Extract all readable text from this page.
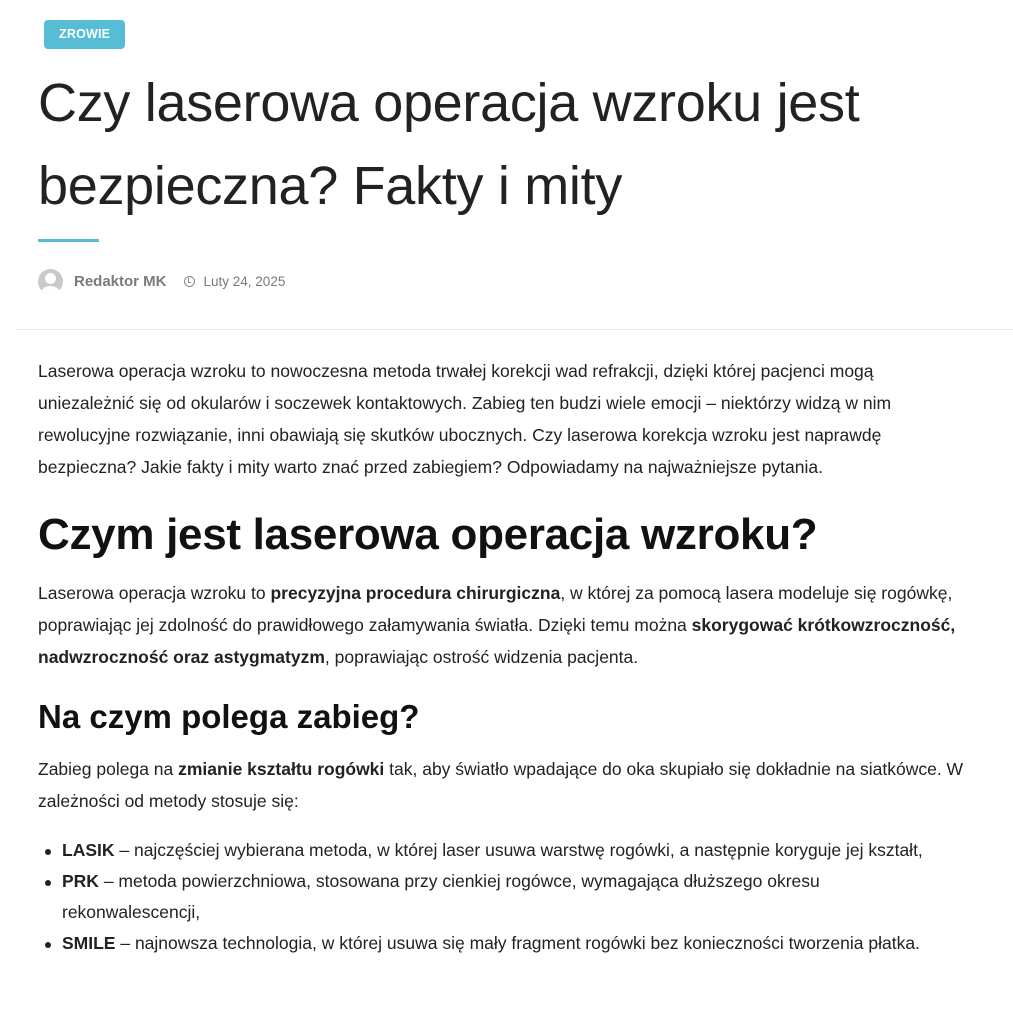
ZROWIE
Czy laserowa operacja wzroku jest bezpieczna? Fakty i mity
Redaktor MK	Luty 24, 2025

Laserowa operacja wzroku to nowoczesna metoda trwałej korekcji wad refrakcji, dzięki której pacjenci mogą uniezależnić się od okularów i soczewek kontaktowych. Zabieg ten budzi wiele emocji – niektórzy widzą w nim rewolucyjne rozwiązanie, inni obawiają się skutków ubocznych. Czy laserowa korekcja wzroku jest naprawdę bezpieczna? Jakie fakty i mity warto znać przed zabiegiem? Odpowiadamy na najważniejsze pytania.

Czym jest laserowa operacja wzroku?

Laserowa operacja wzroku to precyzyjna procedura chirurgiczna, w której za pomocą lasera modeluje się rogówkę, poprawiając jej zdolność do prawidłowego załamywania światła. Dzięki temu można skorygować krótkowzroczność, nadwzroczność oraz astygmatyzm, poprawiając ostrość widzenia pacjenta.

Na czym polega zabieg?

Zabieg polega na zmianie kształtu rogówki tak, aby światło wpadające do oka skupiało się dokładnie na siatkówce. W zależności od metody stosuje się:

LASIK – najczęściej wybierana metoda, w której laser usuwa warstwę rogówki, a następnie koryguje jej kształt,
PRK – metoda powierzchniowa, stosowana przy cienkiej rogówce, wymagająca dłuższego okresu rekonwalescencji,
SMILE – najnowsza technologia, w której usuwa się mały fragment rogówki bez konieczności tworzenia płatka.
